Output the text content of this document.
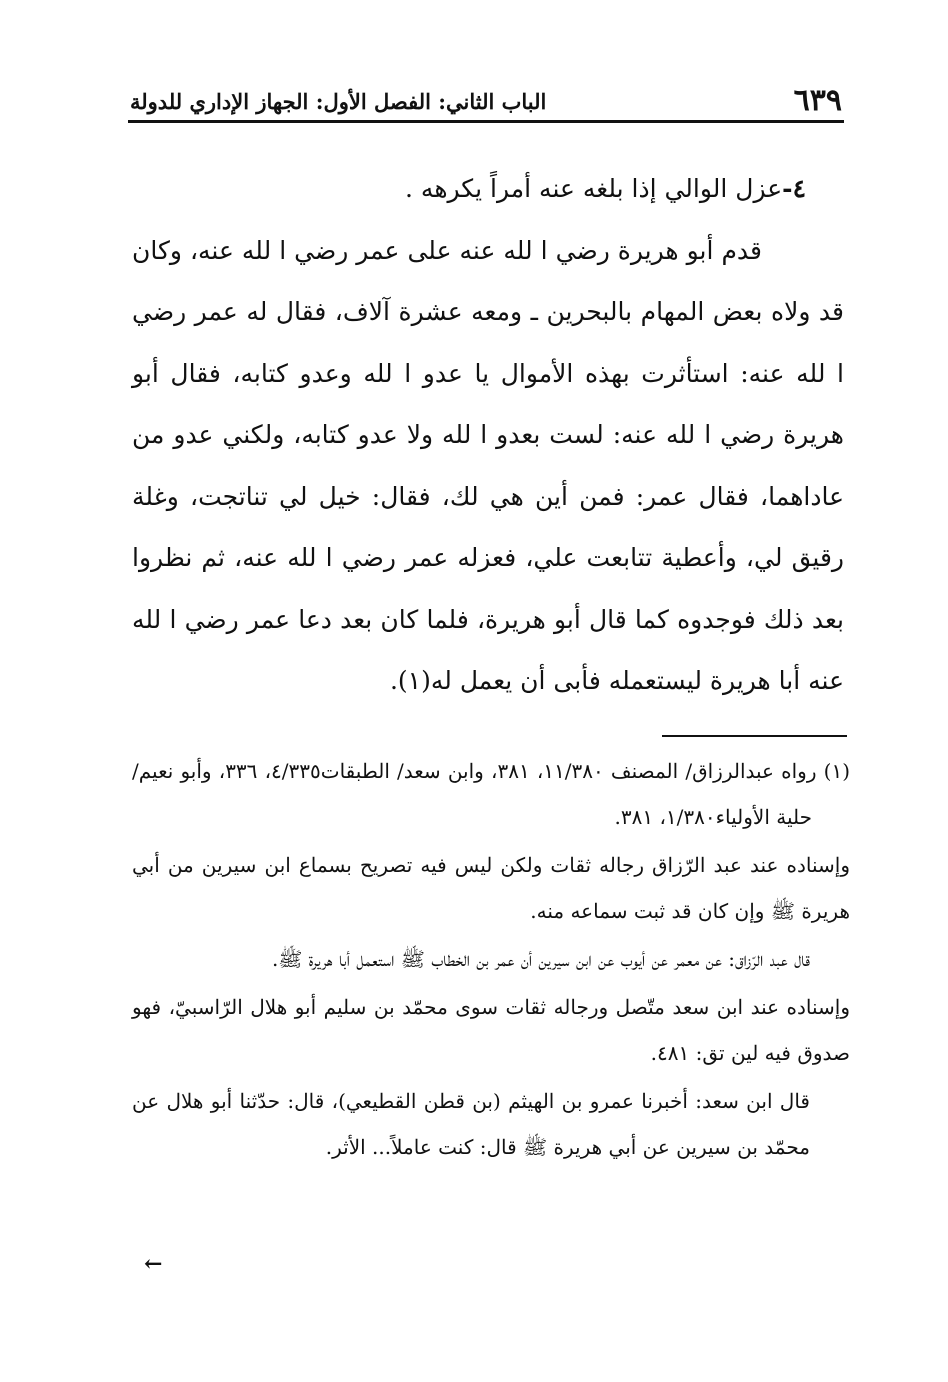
٦٣٩
الباب الثاني: الفصل الأول: الجهاز الإداري للدولة

٤-عزل الوالي إذا بلغه عنه أمراً يكرهه .

قدم أبو هريرة رضي ا لله عنه على عمر رضي ا لله عنه، وكان قد ولاه بعض المهام بالبحرين ـ ومعه عشرة آلاف، فقال له عمر رضي ا لله عنه: استأثرت بهذه الأموال يا عدو ا لله وعدو كتابه، فقال أبو هريرة رضي ا لله عنه: لست بعدو ا لله ولا عدو كتابه، ولكني عدو من عاداهما، فقال عمر: فمن أين هي لك، فقال: خيل لي تناتجت، وغلة رقيق لي، وأعطية تتابعت علي، فعزله عمر رضي ا لله عنه، ثم نظروا بعد ذلك فوجدوه كما قال أبو هريرة، فلما كان بعد دعا عمر رضي ا لله عنه أبا هريرة ليستعمله فأبى أن يعمل له(١).

(١) رواه عبدالرزاق/ المصنف ١١/٣٨٠، ٣٨١، وابن سعد/ الطبقات٤/٣٣٥، ٣٣٦، وأبو نعيم/ حلية الأولياء١/٣٨٠، ٣٨١.

وإسناده عند عبد الرّزاق رجاله ثقات ولكن ليس فيه تصريح بسماع ابن سيرين من أبي هريرة ﷺ وإن كان قد ثبت سماعه منه.

قال عبد الرّزاق: عن معمر عن أيوب عن ابن سيرين أن عمر بن الخطاب ﷺ استعمل أبا هريرة ﷺ.

وإسناده عند ابن سعد متّصل ورجاله ثقات سوى محمّد بن سليم أبو هلال الرّاسبيّ، فهو صدوق فيه لين تق: ٤٨١.

قال ابن سعد: أخبرنا عمرو بن الهيثم (بن قطن القطيعي)، قال: حدّثنا أبو هلال عن محمّد بن سيرين عن أبي هريرة ﷺ قال: كنت عاملاً... الأثر.

←
